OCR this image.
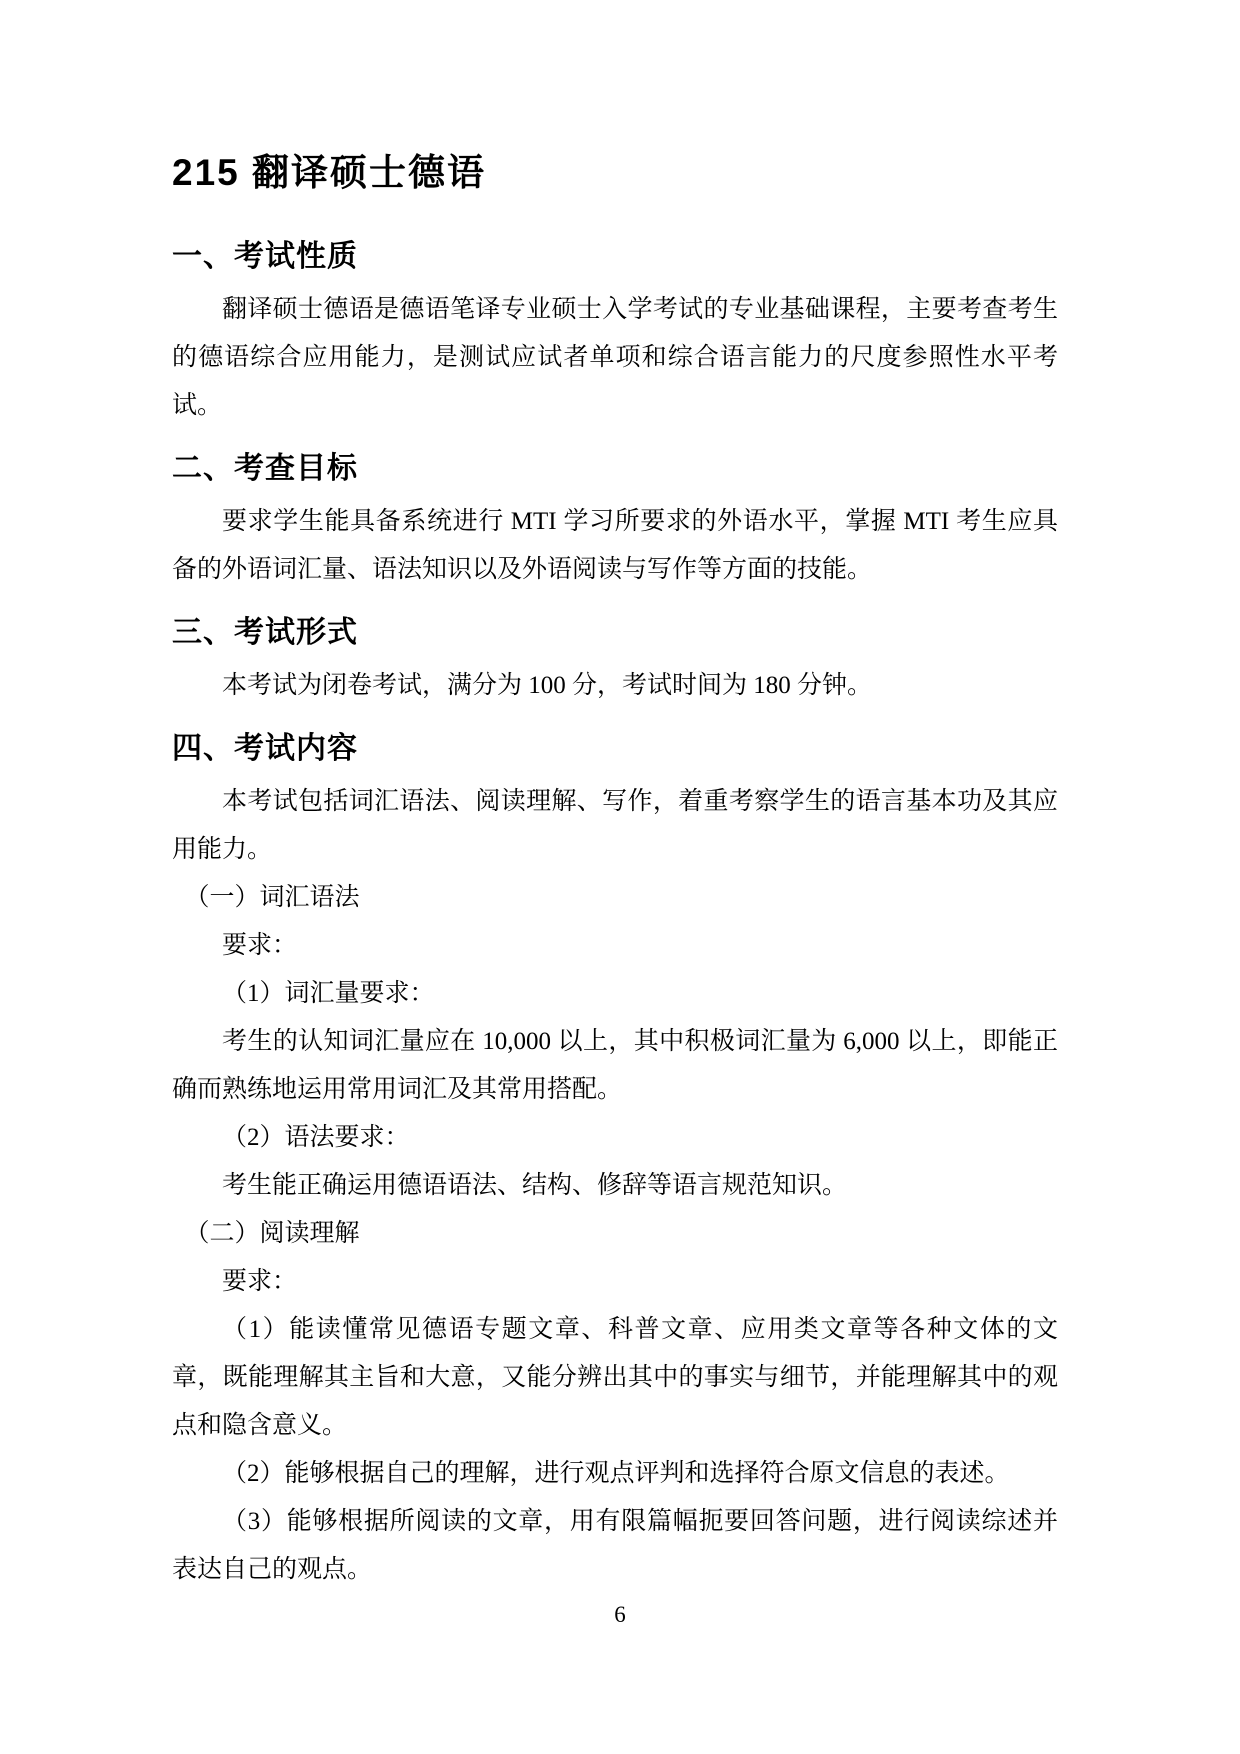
215 翻译硕士德语
一、考试性质

翻译硕士德语是德语笔译专业硕士入学考试的专业基础课程，主要考查考生的德语综合应用能力，是测试应试者单项和综合语言能力的尺度参照性水平考试。

二、考查目标

要求学生能具备系统进行 MTI 学习所要求的外语水平，掌握 MTI 考生应具备的外语词汇量、语法知识以及外语阅读与写作等方面的技能。

三、考试形式

本考试为闭卷考试，满分为 100 分，考试时间为 180 分钟。

四、考试内容

本考试包括词汇语法、阅读理解、写作，着重考察学生的语言基本功及其应用能力。

（一）词汇语法

要求：

（1）词汇量要求：

考生的认知词汇量应在 10,000 以上，其中积极词汇量为 6,000 以上，即能正确而熟练地运用常用词汇及其常用搭配。

（2）语法要求：

考生能正确运用德语语法、结构、修辞等语言规范知识。

（二）阅读理解

要求：

（1）能读懂常见德语专题文章、科普文章、应用类文章等各种文体的文章，既能理解其主旨和大意，又能分辨出其中的事实与细节，并能理解其中的观点和隐含意义。

（2）能够根据自己的理解，进行观点评判和选择符合原文信息的表述。

（3）能够根据所阅读的文章，用有限篇幅扼要回答问题，进行阅读综述并表达自己的观点。

6
